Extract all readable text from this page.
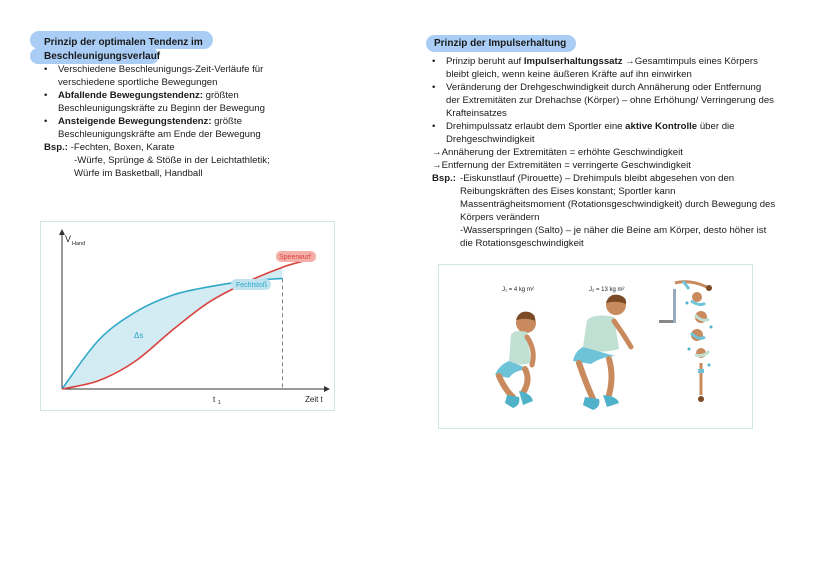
Prinzip der optimalen Tendenz im
Beschleunigungsverlauf
• Verschiedene Beschleunigungs-Zeit-Verläufe für verschiedene sportliche Bewegungen
• Abfallende Bewegungstendenz: größten Beschleunigungskräfte zu Beginn der Bewegung
• Ansteigende Bewegungstendenz: größte Beschleunigungskräfte am Ende der Bewegung
Bsp.: -Fechten, Boxen, Karate
-Würfe, Sprünge & Stöße in der Leichtathletik;
Würfe im Basketball, Handball
V Hand
Zeit t
t 1
Δs
Speerwurf
Fechtstoß
Prinzip der Impulserhaltung
• Prinzip beruht auf Impulserhaltungssatz →Gesamtimpuls eines Körpers bleibt gleich, wenn keine äußeren Kräfte auf ihn einwirken
• Veränderung der Drehgeschwindigkeit durch Annäherung oder Entfernung der Extremitäten zur Drehachse (Körper) – ohne Erhöhung/ Verringerung des Krafteinsatzes
• Drehimpulssatz erlaubt dem Sportler eine aktive Kontrolle über die Drehgeschwindigkeit
→Annäherung der Extremitäten = erhöhte Geschwindigkeit
→Entfernung der Extremitäten = verringerte Geschwindigkeit
Bsp.: -Eiskunstlauf (Pirouette) – Drehimpuls bleibt abgesehen von den Reibungskräften des Eises konstant; Sportler kann Massenträgheitsmoment (Rotationsgeschwindigkeit) durch Bewegung des Körpers verändern
-Wasserspringen (Salto) – je näher die Beine am Körper, desto höher ist die Rotationsgeschwindigkeit
J₁ = 4 kg m²	J₂ = 13 kg m²
